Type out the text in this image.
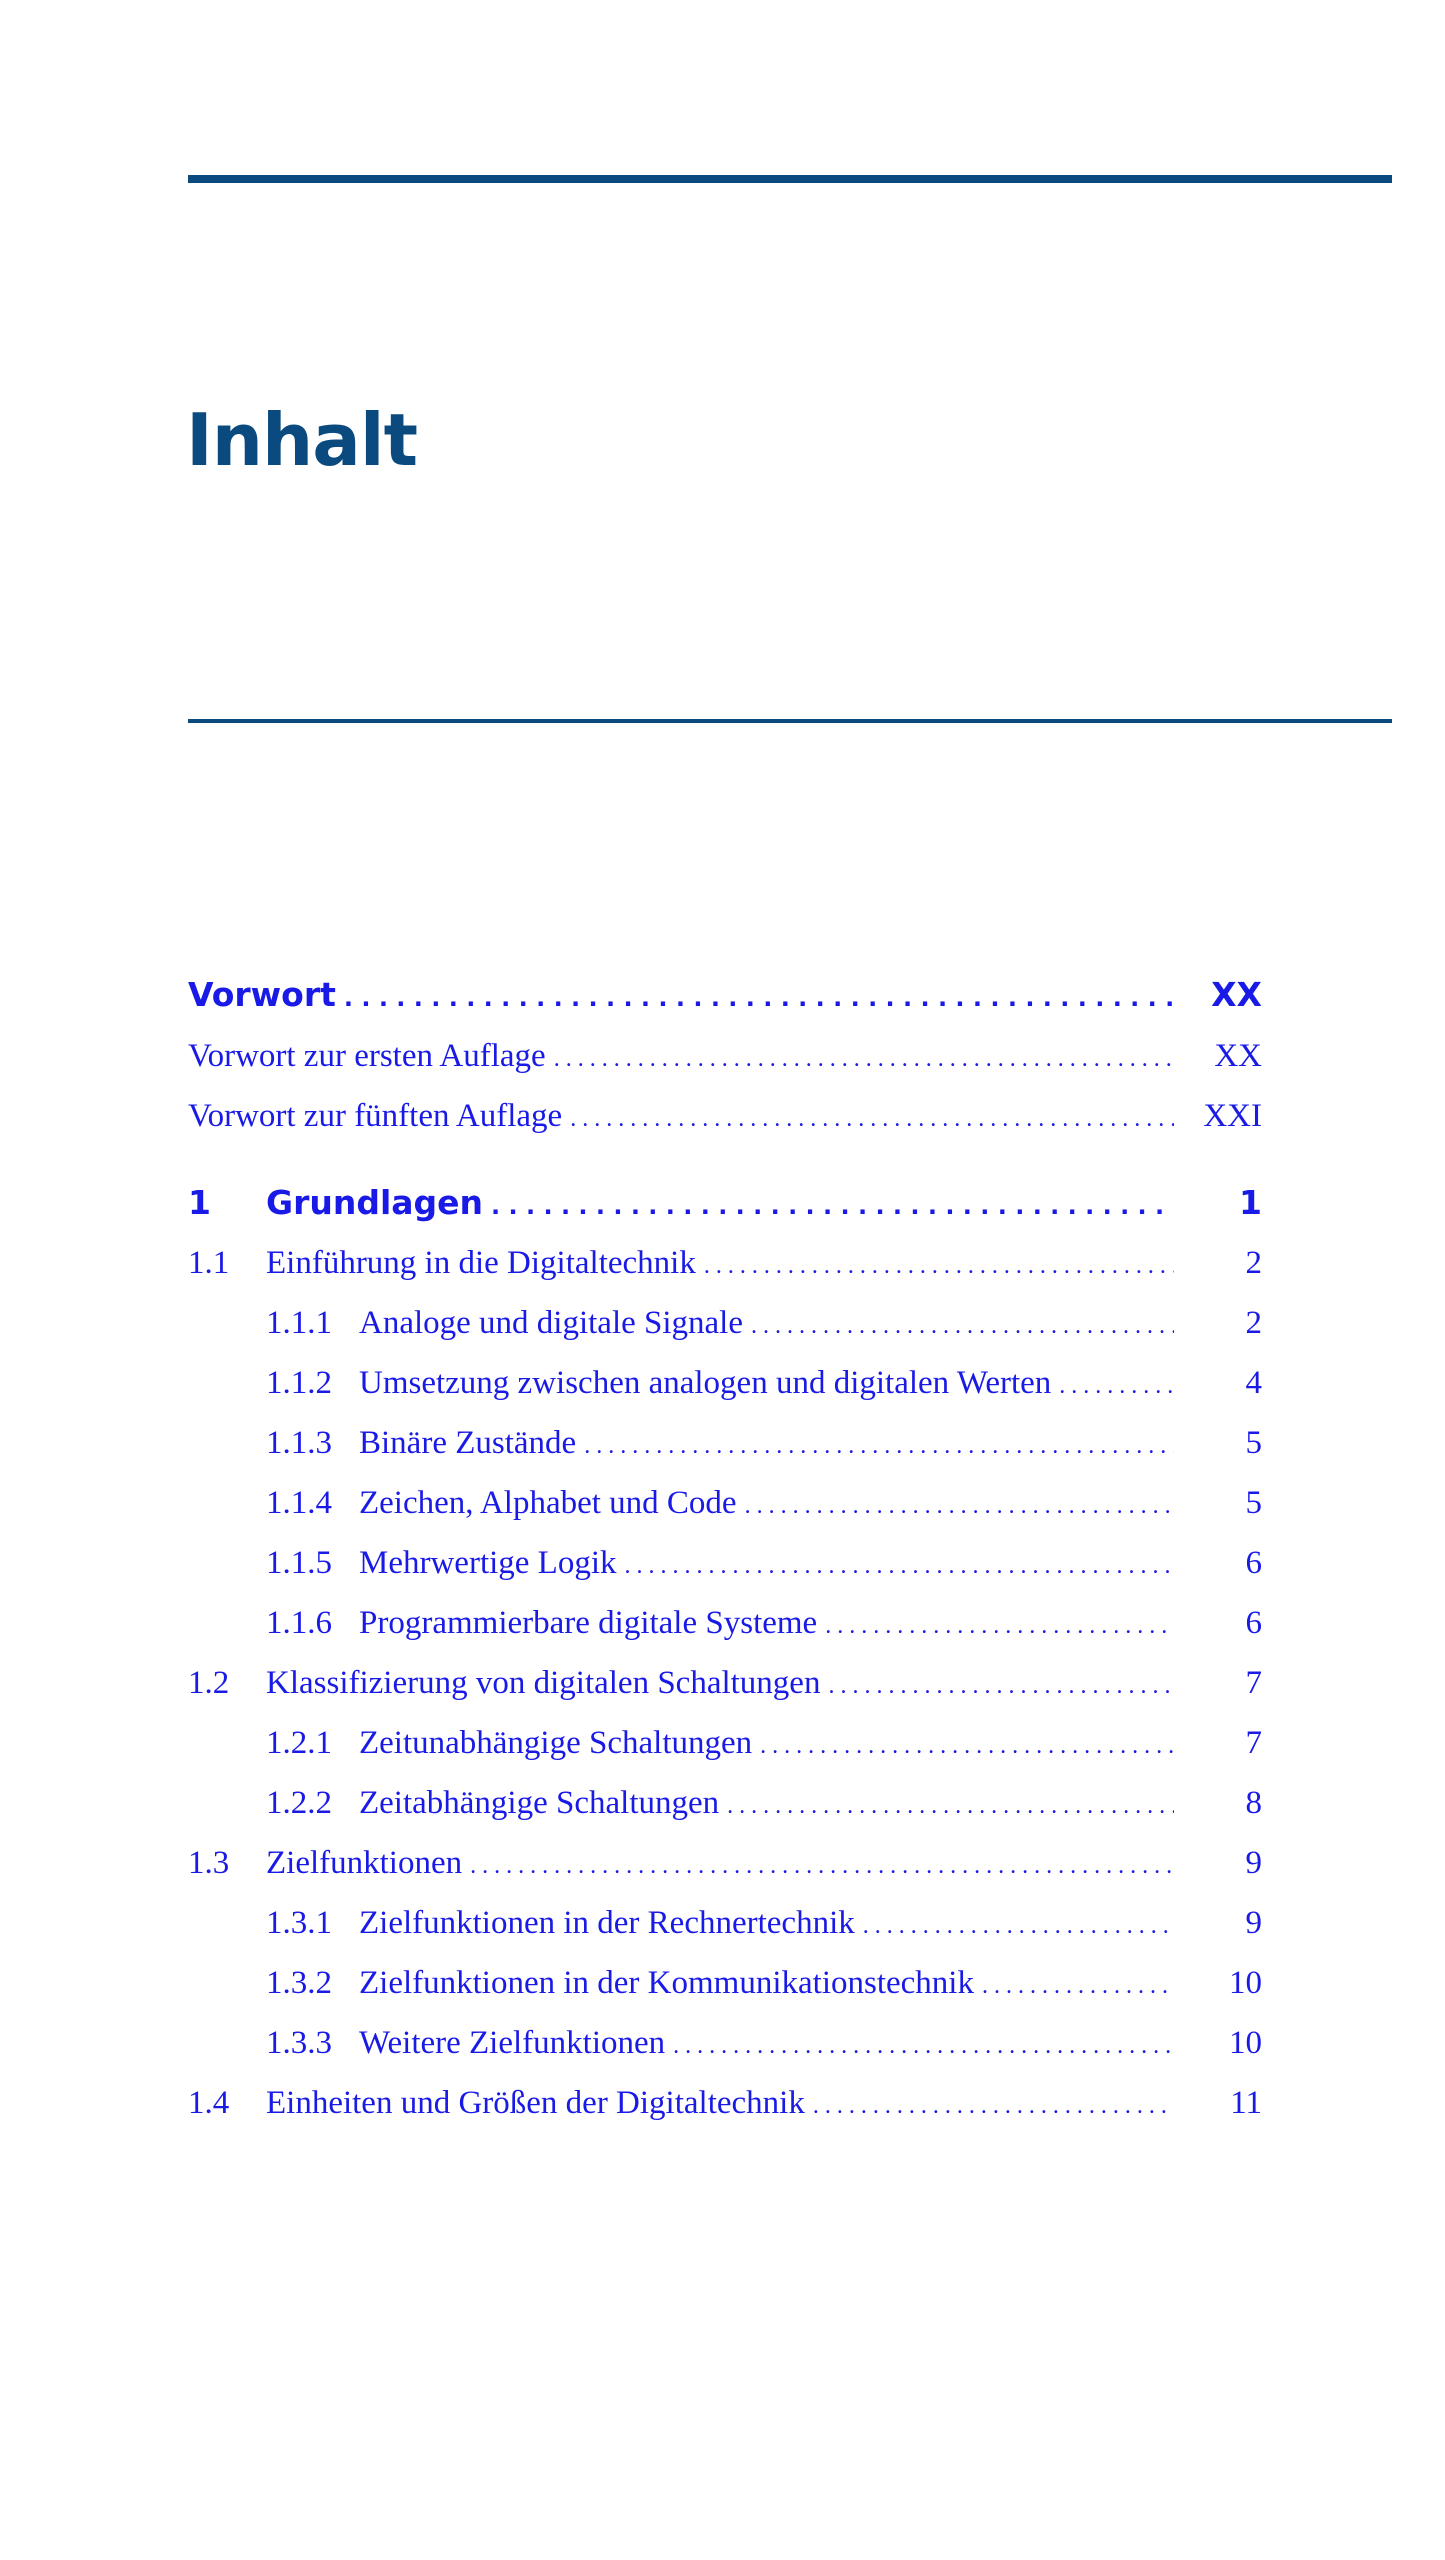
Inhalt
Vorwort . . .	XX
Vorwort zur ersten Auflage . . .	XX
Vorwort zur fünften Auflage . . .	XXI
1	Grundlagen . . .	1
1.1	Einführung in die Digitaltechnik . . .	2
1.1.1 Analoge und digitale Signale . . .	2
1.1.2 Umsetzung zwischen analogen und digitalen Werten . . .	4
1.1.3 Binäre Zustände . . .	5
1.1.4 Zeichen, Alphabet und Code . . .	5
1.1.5 Mehrwertige Logik . . .	6
1.1.6 Programmierbare digitale Systeme . . .	6
1.2	Klassifizierung von digitalen Schaltungen . . .	7
1.2.1 Zeitunabhängige Schaltungen . . .	7
1.2.2 Zeitabhängige Schaltungen . . .	8
1.3	Zielfunktionen . . .	9
1.3.1 Zielfunktionen in der Rechnertechnik . . .	9
1.3.2 Zielfunktionen in der Kommunikationstechnik . . .	10
1.3.3 Weitere Zielfunktionen . . .	10
1.4	Einheiten und Größen der Digitaltechnik . . .	11
